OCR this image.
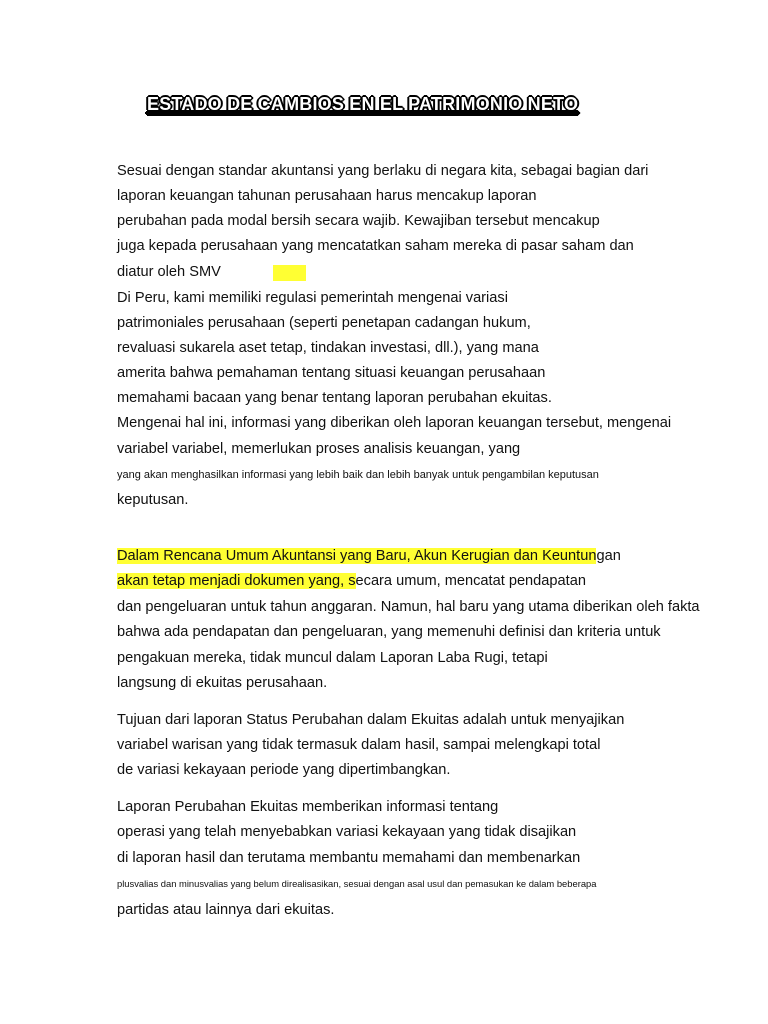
ESTADO DE CAMBIOS EN EL PATRIMONIO NETO
Sesuai dengan standar akuntansi yang berlaku di negara kita, sebagai bagian dari
laporan keuangan tahunan perusahaan harus mencakup laporan
perubahan pada modal bersih secara wajib. Kewajiban tersebut mencakup
juga kepada perusahaan yang mencatatkan saham mereka di pasar saham dan
diatur oleh SMV
Di Peru, kami memiliki regulasi pemerintah mengenai variasi
patrimoniales perusahaan (seperti penetapan cadangan hukum,
revaluasi sukarela aset tetap, tindakan investasi, dll.), yang mana
amerita bahwa pemahaman tentang situasi keuangan perusahaan
memahami bacaan yang benar tentang laporan perubahan ekuitas.
Mengenai hal ini, informasi yang diberikan oleh laporan keuangan tersebut, mengenai
variabel variabel, memerlukan proses analisis keuangan, yang
yang akan menghasilkan informasi yang lebih baik dan lebih banyak untuk pengambilan keputusan
keputusan.
Dalam Rencana Umum Akuntansi yang Baru, Akun Kerugian dan Keuntungan
akan tetap menjadi dokumen yang, secara umum, mencatat pendapatan
dan pengeluaran untuk tahun anggaran. Namun, hal baru yang utama diberikan oleh fakta
bahwa ada pendapatan dan pengeluaran, yang memenuhi definisi dan kriteria untuk
pengakuan mereka, tidak muncul dalam Laporan Laba Rugi, tetapi
langsung di ekuitas perusahaan.
Tujuan dari laporan Status Perubahan dalam Ekuitas adalah untuk menyajikan
variabel warisan yang tidak termasuk dalam hasil, sampai melengkapi total
de variasi kekayaan periode yang dipertimbangkan.
Laporan Perubahan Ekuitas memberikan informasi tentang
operasi yang telah menyebabkan variasi kekayaan yang tidak disajikan
di laporan hasil dan terutama membantu memahami dan membenarkan
plusvalias dan minusvalias yang belum direalisasikan, sesuai dengan asal usul dan pemasukan ke dalam beberapa
partidas atau lainnya dari ekuitas.
